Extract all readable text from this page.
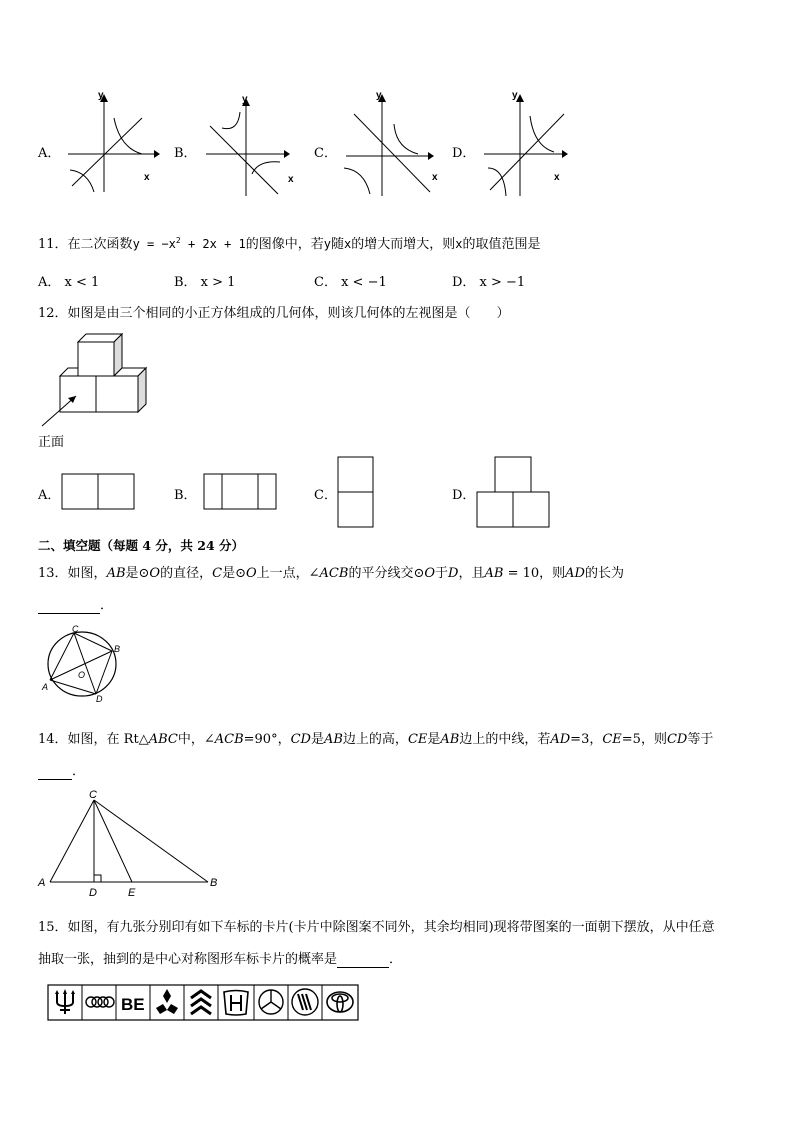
A．
y
x
B．
y
x
C．
y
x
D．
y
x
11．在二次函数$y = -x^2 + 2x + 1$的图像中，若y随x的增大而增大，则x的取值范围是
A． x < 1	B． x > 1	C． x < −1	D． x > −1
12．如图是由三个相同的小正方体组成的几何体，则该几何体的左视图是（　　）
正面
A．	B．	C．	D．
二、填空题（每题 4 分，共 24 分）
13．如图，AB是⊙O的直径，C是⊙O上一点，∠ACB的平分线交⊙O于D，且AB = 10，则AD的长为
．
C
B
A
O
D
14．如图，在 Rt△ABC中，∠ACB=90°，CD是AB边上的高，CE是AB边上的中线，若AD=3，CE=5，则CD等于
．
C
A
D	E
B
15．如图，有九张分别印有如下车标的卡片(卡片中除图案不同外，其余均相同)现将带图案的一面朝下摆放，从中任意
抽取一张，抽到的是中心对称图形车标卡片的概率是	．
BE
